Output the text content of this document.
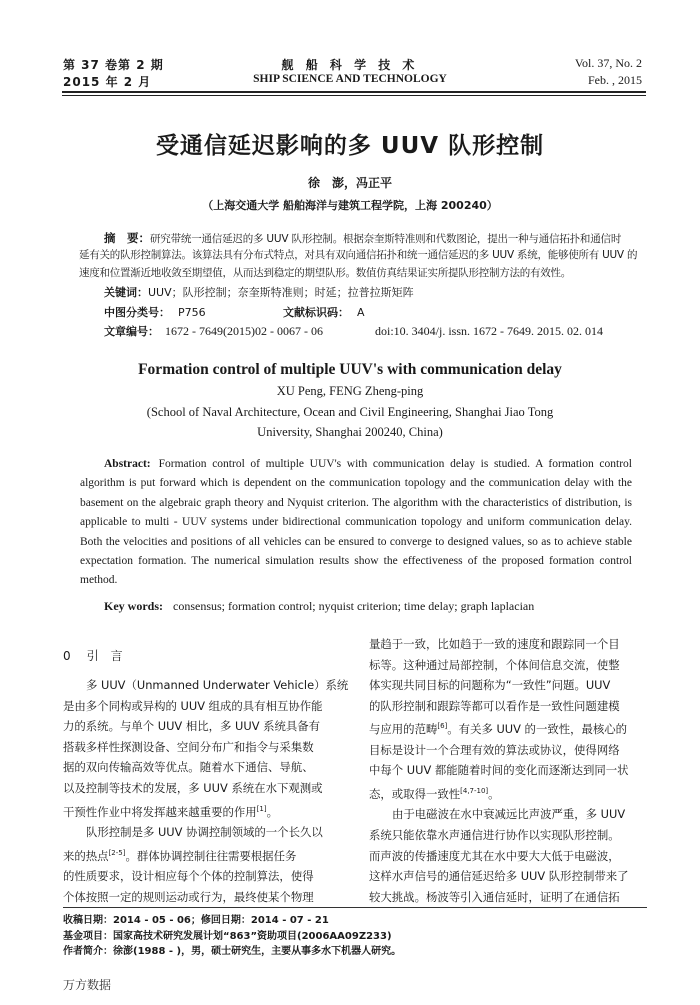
第 37 卷第 2 期
2015 年 2 月
舰 船 科 学 技 术
SHIP SCIENCE AND TECHNOLOGY
Vol. 37, No. 2
Feb. , 2015
受通信延迟影响的多 UUV 队形控制
徐　澎，冯正平
（上海交通大学 船舶海洋与建筑工程学院，上海 200240）
摘　要：研究带统一通信延迟的多 UUV 队形控制。根据奈奎斯特准则和代数图论，提出一种与通信拓扑和通信时
延有关的队形控制算法。该算法具有分布式特点，对具有双向通信拓扑和统一通信延迟的多 UUV 系统，能够使所有 UUV 的
速度和位置渐近地收敛至期望值，从而达到稳定的期望队形。数值仿真结果证实所提队形控制方法的有效性。
关键词：UUV；队形控制；奈奎斯特准则；时延；拉普拉斯矩阵
中图分类号： P756	文献标识码： A
文章编号： 1672 - 7649(2015)02 - 0067 - 06	doi:10. 3404/j. issn. 1672 - 7649. 2015. 02. 014
Formation control of multiple UUV's with communication delay
XU Peng, FENG Zheng-ping
(School of Naval Architecture, Ocean and Civil Engineering, Shanghai Jiao Tong
University, Shanghai 200240, China)
Abstract: Formation control of multiple UUV's with communication delay is studied. A formation control algorithm is put forward which is dependent on the communication topology and the communication delay with the basement on the algebraic graph theory and Nyquist criterion. The algorithm with the characteristics of distribution, is applicable to multi - UUV systems under bidirectional communication topology and uniform communication delay. Both the velocities and positions of all vehicles can be ensured to converge to designed values, so as to achieve stable expectation formation. The numerical simulation results show the effectiveness of the proposed formation control method.
Key words: consensus; formation control; nyquist criterion; time delay; graph laplacian
0 引　言

多 UUV（Unmanned Underwater Vehicle）系统

是由多个同构或异构的 UUV 组成的具有相互协作能

力的系统。与单个 UUV 相比，多 UUV 系统具备有

搭载多样性探测设备、空间分布广和指令与采集数

据的双向传输高效等优点。随着水下通信、导航、

以及控制等技术的发展，多 UUV 系统在水下观测或

干预性作业中将发挥越来越重要的作用[1]。

队形控制是多 UUV 协调控制领域的一个长久以

来的热点[2-5]。群体协调控制往往需要根据任务

的性质要求，设计相应每个个体的控制算法，使得

个体按照一定的规则运动或行为，最终使某个物理

量趋于一致，比如趋于一致的速度和跟踪同一个目

标等。这种通过局部控制，个体间信息交流，使整

体实现共同目标的问题称为“一致性”问题。UUV

的队形控制和跟踪等都可以看作是一致性问题建模

与应用的范畴[6]。有关多 UUV 的一致性，最核心的

目标是设计一个合理有效的算法或协议，使得网络

中每个 UUV 都能随着时间的变化而逐渐达到同一状

态，或取得一致性[4,7-10]。

由于电磁波在水中衰减远比声波严重，多 UUV

系统只能依靠水声通信进行协作以实现队形控制。

而声波的传播速度尤其在水中要大大低于电磁波，

这样水声信号的通信延迟给多 UUV 队形控制带来了

较大挑战。杨波等引入通信延时，证明了在通信拓

收稿日期：2014 - 05 - 06；修回日期：2014 - 07 - 21
基金项目：国家高技术研究发展计划“863”资助项目(2006AA09Z233)
作者简介：徐澎(1988 - )，男，硕士研究生，主要从事多水下机器人研究。
万方数据
